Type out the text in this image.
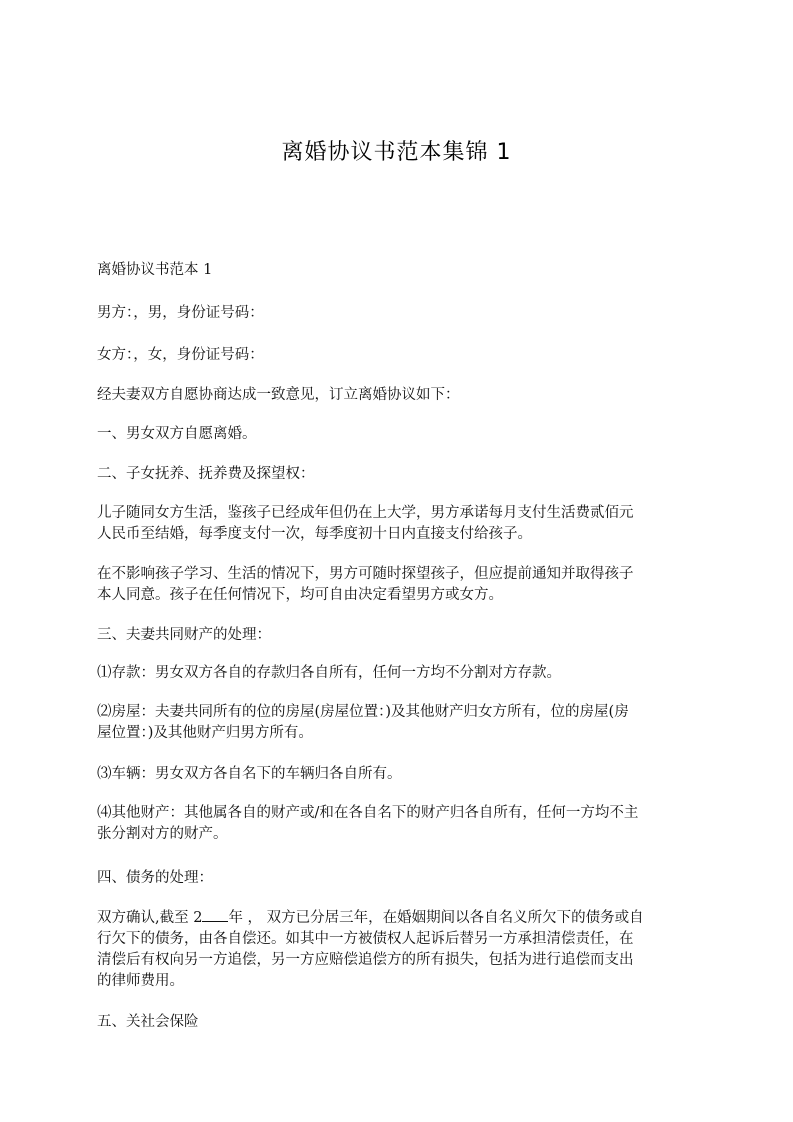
离婚协议书范本集锦 1
离婚协议书范本 1
男方：，男，身份证号码：
女方：，女，身份证号码：
经夫妻双方自愿协商达成一致意见，订立离婚协议如下：
一、男女双方自愿离婚。
二、子女抚养、抚养费及探望权：
儿子随同女方生活，鉴孩子已经成年但仍在上大学，男方承诺每月支付生活费贰佰元
人民币至结婚，每季度支付一次，每季度初十日内直接支付给孩子。
在不影响孩子学习、生活的情况下，男方可随时探望孩子，但应提前通知并取得孩子
本人同意。孩子在任何情况下，均可自由决定看望男方或女方。
三、夫妻共同财产的处理：
⑴存款：男女双方各自的存款归各自所有，任何一方均不分割对方存款。
⑵房屋：夫妻共同所有的位的房屋(房屋位置：)及其他财产归女方所有，位的房屋(房
屋位置：)及其他财产归男方所有。
⑶车辆：男女双方各自名下的车辆归各自所有。
⑷其他财产：其他属各自的财产或/和在各自名下的财产归各自所有，任何一方均不主
张分割对方的财产。
四、债务的处理：
双方确认,截至 2 年 ， 双方已分居三年，在婚姻期间以各自名义所欠下的债务或自
行欠下的债务，由各自偿还。如其中一方被债权人起诉后替另一方承担清偿责任，在
清偿后有权向另一方追偿，另一方应赔偿追偿方的所有损失，包括为进行追偿而支出
的律师费用。
五、关社会保险
